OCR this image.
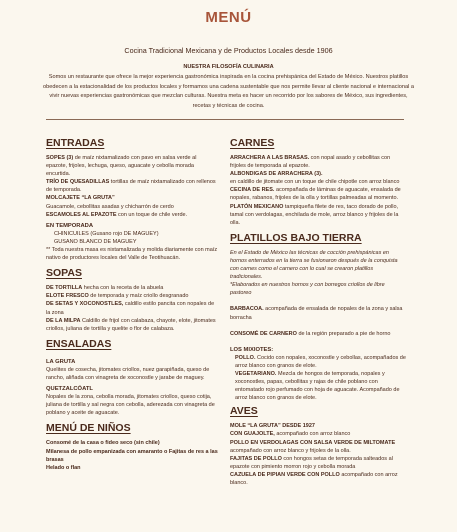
MENÚ
Cocina Tradicional Mexicana y de Productos Locales desde 1906
NUESTRA FILOSOFÍA CULINARIA
Somos un restaurante que ofrece la mejor experiencia gastronómica inspirada en la cocina prehispánica del Estado de México. Nuestros platillos obedecen a la estacionalidad de los productos locales y formamos una cadena sustentable que nos permite llevar al cliente nacional e internacional a vivir nuevas experiencias gastronómicas que mezclan culturas. Nuestra meta es hacer un recorrido por los sabores de México, sus ingredientes, recetas y técnicas de cocina.
ENTRADAS

SOPES (3) de maíz nixtamalizado con pavo en salsa verde al epazote, frijoles, lechuga, queso, aguacate y cebolla morada encurtida.

TRÍO DE QUESADILLAS tortillas de maíz nixtamalizado con rellenos de temporada.

MOLCAJETE “LA GRUTA”

Guacamole, cebollitas asadas y chicharrón de cerdo

ESCAMOLES AL EPAZOTE con un toque de chile verde.

EN TEMPORADA

CHINICUILES (Gusano rojo DE MAGUEY)

GUSANO BLANCO DE MAGUEY

** Toda nuestra masa es nixtamalizada y molida diariamente con maíz nativo de productores locales del Valle de Teotihuacán.

SOPAS

DE TORTILLA hecha con la receta de la abuela

ELOTE FRESCO de temporada y maíz criollo desgranado

DE SETAS Y XOCONOSTLES, caldillo estilo pancita con nopales de la zona

DE LA MILPA Caldillo de frijol con calabaza, chayote, elote, jitomates criollos, juliana de tortilla y quelite o flor de calabaza.

ENSALADAS

LA GRUTA

Quelites de cosecha, jitomates criollos, nuez garapiñada, queso de rancho, aliñada con vinagreta de xoconostle y jarabe de maguey.

QUETZALCÓATL

Nopales de la zona, cebolla morada, jitomates criollos, queso cotija, juliana de tortilla y sal negra con cebolla, aderezada con vinagreta de poblano y aceite de aguacate.

MENÚ DE NIÑOS

Consomé de la casa o fideo seco (sin chile)

Milanesa de pollo empanizada con amaranto o Fajitas de res a las brasas

Helado o flan

CARNES

ARRACHERA A LAS BRASAS. con nopal asado y cebollitas con frijoles de temporada al epazote.

ALBONDIGAS DE ARRACHERA (3).

en caldillo de jitomate con un toque de chile chipotle con arroz blanco

CECINA DE RES. acompañada de láminas de aguacate, ensalada de nopales, rabanos, frijoles de la olla y tortillas palmeadas al momento.

PLATÓN MEXICANO tampiqueña filete de res, taco dorado de pollo, tamal con verdolagas, enchilada de mole, arroz blanco y frijoles de la olla.

PLATILLOS BAJO TIERRA

En el Estado de México las técnicas de cocción prehispánicas en hornos enterrados en la tierra se fusionaron después de la conquista con carnes como el carnero con lo cual se crearon platillos tradicionales.

*Elaborados en nuestros hornos y con borregos criollos de libre pastoreo

BARBACOA. acompañada de ensalada de nopales de la zona y salsa borracha

CONSOMÉ DE CARNERO de la región preparado a pie de horno

LOS MIXIOTES:

POLLO. Cocido con nopales, xoconostle y cebollas, acompañados de arroz blanco con granos de elote.

VEGETARIANO. Mezcla de hongos de temporada, nopales y xoconostles, papas, cebollitas y rajas de chile poblano con entomatado rojo perfumado con hoja de aguacate. Acompañado de arroz blanco con granos de elote.

AVES

MOLE “LA GRUTA” DESDE 1927

CON GUAJOLTE, acompañado con arroz blanco

POLLO EN VERDOLAGAS CON SALSA VERDE DE MILTOMATE acompañado con arroz blanco y frijoles de la olla.

FAJITAS DE POLLO con hongos setas de temporada salteados al epazote con pimiento morron rojo y cebolla morada

CAZUELA DE PIPIAN VERDE CON POLLO acompañado con arroz blanco.
